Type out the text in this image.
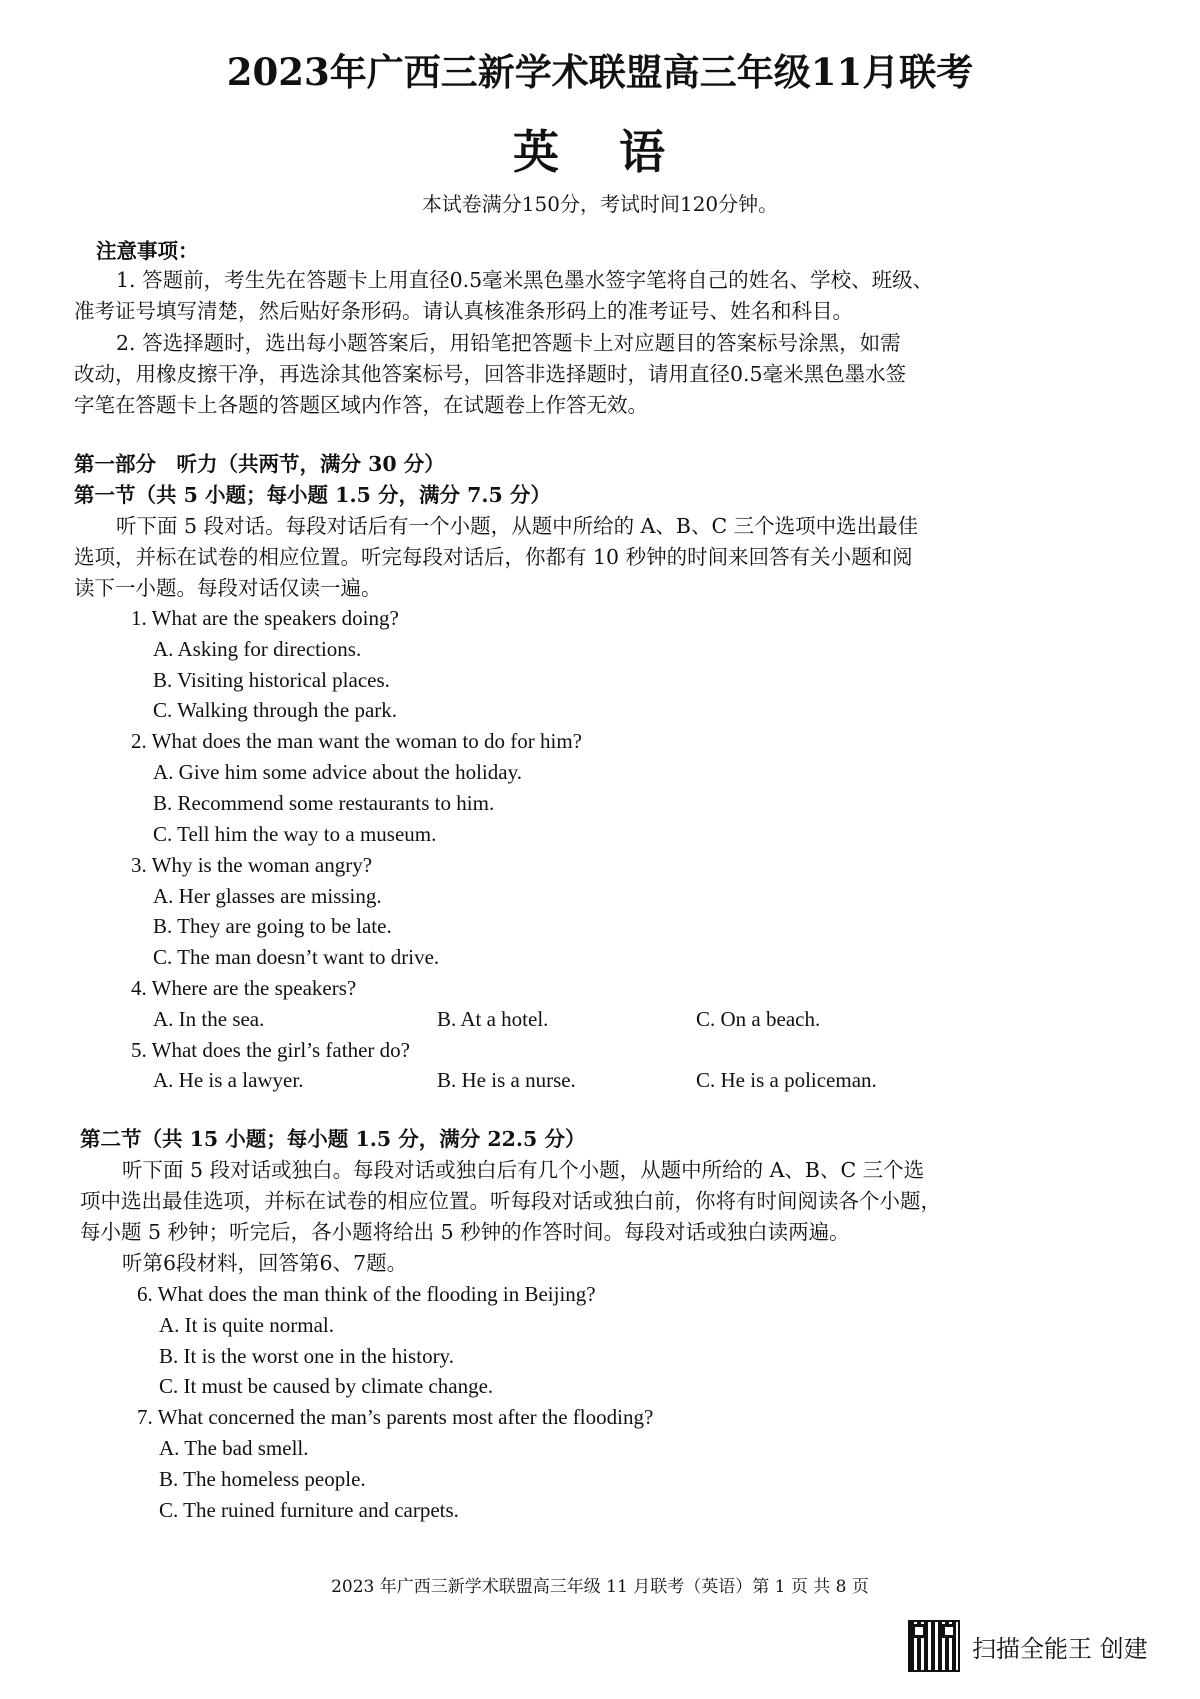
2023年广西三新学术联盟高三年级11月联考
英 语
本试卷满分150分，考试时间120分钟。
注意事项：
1. 答题前，考生先在答题卡上用直径0.5毫米黑色墨水签字笔将自己的姓名、学校、班级、
准考证号填写清楚，然后贴好条形码。请认真核准条形码上的准考证号、姓名和科目。
2. 答选择题时，选出每小题答案后，用铅笔把答题卡上对应题目的答案标号涂黑，如需
改动，用橡皮擦干净，再选涂其他答案标号，回答非选择题时，请用直径0.5毫米黑色墨水签
字笔在答题卡上各题的答题区域内作答，在试题卷上作答无效。
第一部分　听力（共两节，满分 30 分）
第一节（共 5 小题；每小题 1.5 分，满分 7.5 分）
听下面 5 段对话。每段对话后有一个小题，从题中所给的 A、B、C 三个选项中选出最佳
选项，并标在试卷的相应位置。听完每段对话后，你都有 10 秒钟的时间来回答有关小题和阅
读下一小题。每段对话仅读一遍。
1. What are the speakers doing?
A. Asking for directions.
B. Visiting historical places.
C. Walking through the park.
2. What does the man want the woman to do for him?
A. Give him some advice about the holiday.
B. Recommend some restaurants to him.
C. Tell him the way to a museum.
3. Why is the woman angry?
A. Her glasses are missing.
B. They are going to be late.
C. The man doesn’t want to drive.
4. Where are the speakers?
A. In the sea.	B. At a hotel.	C. On a beach.
5. What does the girl’s father do?
A. He is a lawyer.	B. He is a nurse.	C. He is a policeman.
第二节（共 15 小题；每小题 1.5 分，满分 22.5 分）
听下面 5 段对话或独白。每段对话或独白后有几个小题，从题中所给的 A、B、C 三个选
项中选出最佳选项，并标在试卷的相应位置。听每段对话或独白前，你将有时间阅读各个小题，
每小题 5 秒钟；听完后，各小题将给出 5 秒钟的作答时间。每段对话或独白读两遍。
听第6段材料，回答第6、7题。
6. What does the man think of the flooding in Beijing?
A. It is quite normal.
B. It is the worst one in the history.
C. It must be caused by climate change.
7. What concerned the man’s parents most after the flooding?
A. The bad smell.
B. The homeless people.
C. The ruined furniture and carpets.
2023 年广西三新学术联盟高三年级 11 月联考（英语）第 1 页 共 8 页
扫描全能王 创建
